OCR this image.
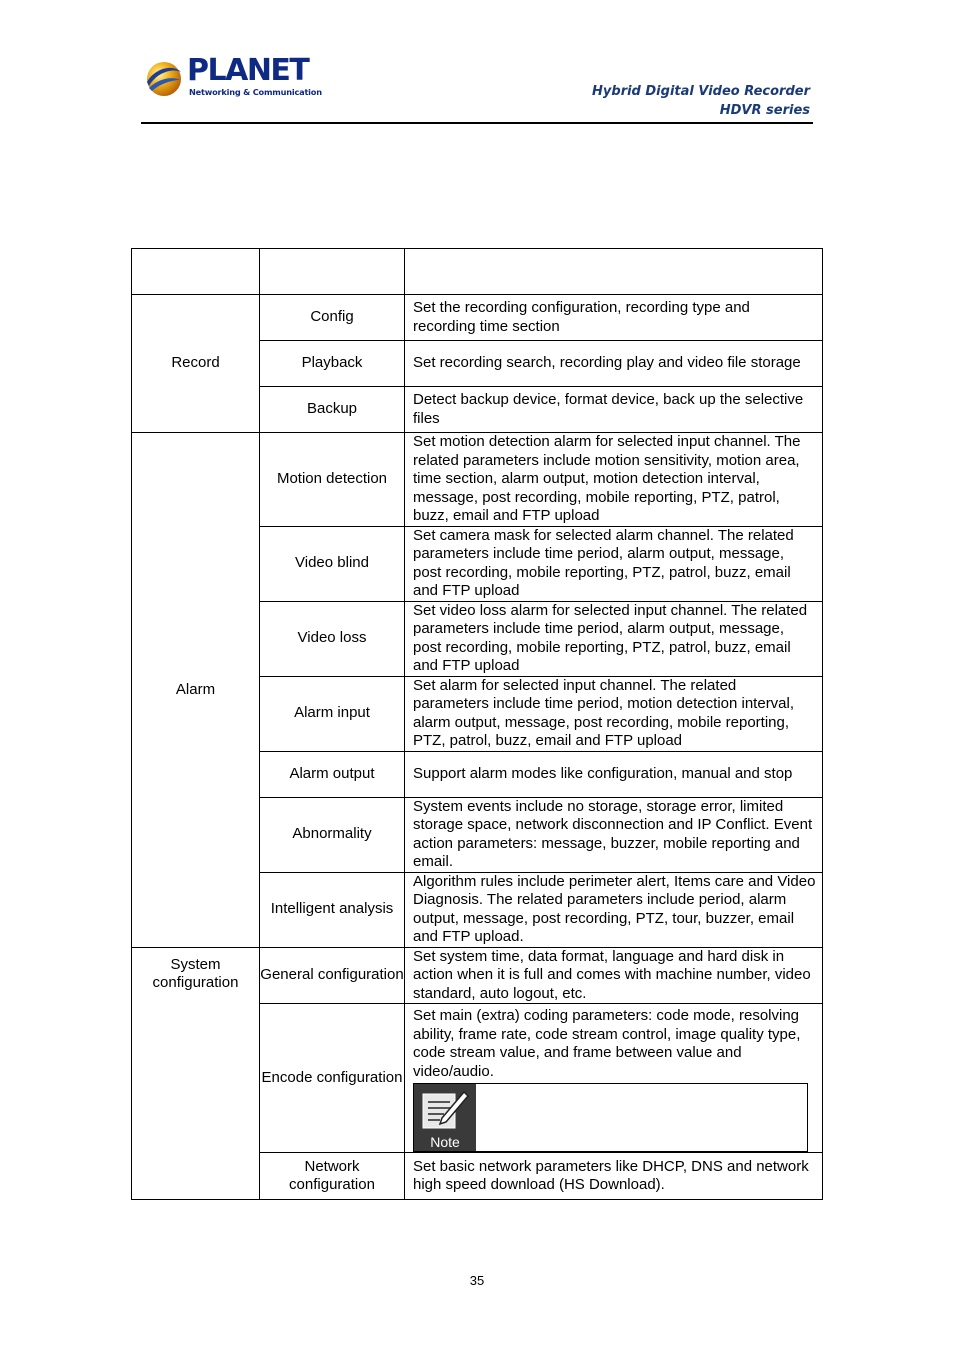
PLANET
Networking & Communication	Hybrid Digital Video Recorder
HDVR series

Record	Config	Set the recording configuration, recording type and recording time section
	Playback	Set recording search, recording play and video file storage
	Backup	Detect backup device, format device, back up the selective files
Alarm	Motion detection	Set motion detection alarm for selected input channel. The related parameters include motion sensitivity, motion area, time section, alarm output, motion detection interval, message, post recording, mobile reporting, PTZ, patrol, buzz, email and FTP upload
	Video blind	Set camera mask for selected alarm channel. The related parameters include time period, alarm output, message, post recording, mobile reporting, PTZ, patrol, buzz, email and FTP upload
	Video loss	Set video loss alarm for selected input channel. The related parameters include time period, alarm output, message, post recording, mobile reporting, PTZ, patrol, buzz, email and FTP upload
	Alarm input	Set alarm for selected input channel. The related parameters include time period, motion detection interval, alarm output, message, post recording, mobile reporting, PTZ, patrol, buzz, email and FTP upload
	Alarm output	Support alarm modes like configuration, manual and stop
	Abnormality	System events include no storage, storage error, limited storage space, network disconnection and IP Conflict. Event action parameters: message, buzzer, mobile reporting and email.
	Intelligent analysis	Algorithm rules include perimeter alert, Items care and Video Diagnosis. The related parameters include period, alarm output, message, post recording, PTZ, tour, buzzer, email and FTP upload.
System configuration	General configuration	Set system time, data format, language and hard disk in action when it is full and comes with machine number, video standard, auto logout, etc.
	Encode configuration	Set main (extra) coding parameters: code mode, resolving ability, frame rate, code stream control, image quality type, code stream value, and frame between value and video/audio.
Note

	Network configuration	Set basic network parameters like DHCP, DNS and network high speed download (HS Download).
35
